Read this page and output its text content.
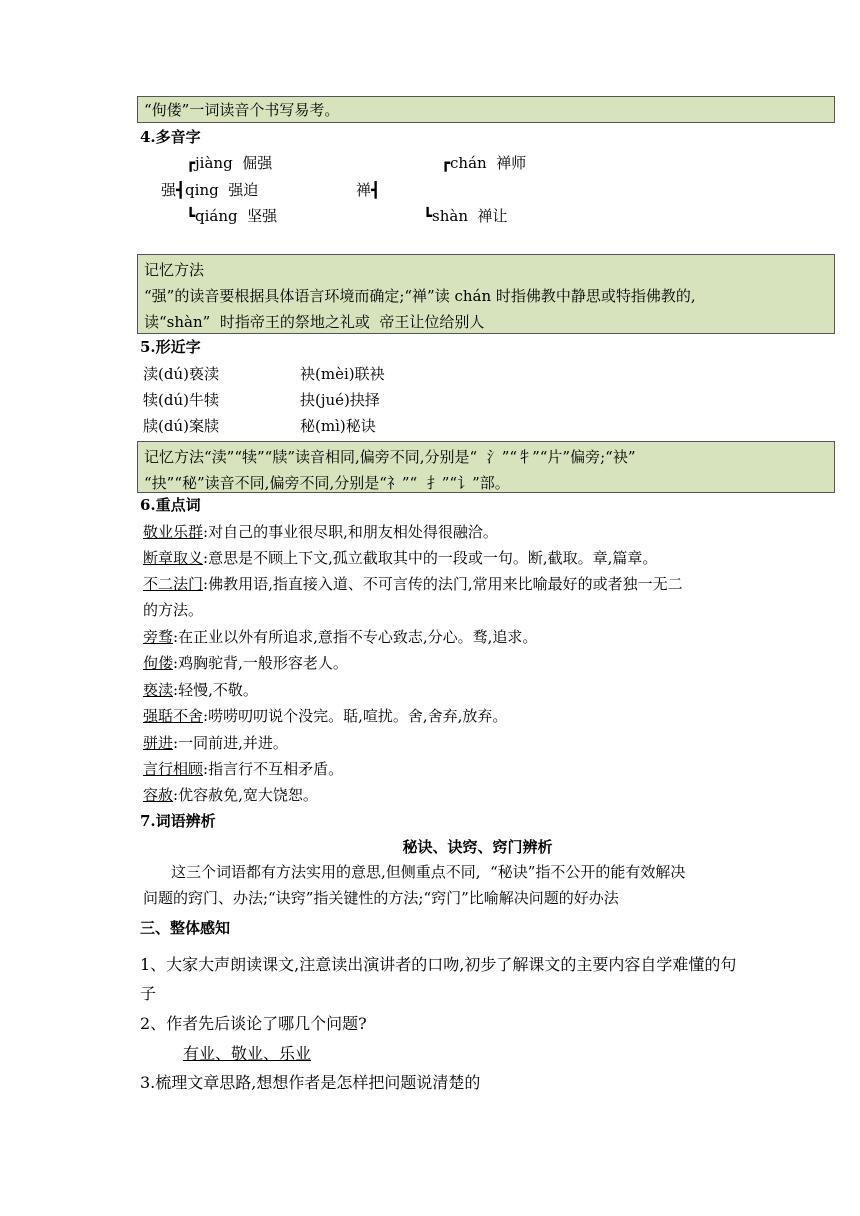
“佝偻”一词读音个书写易考。
4.多音字
┏jiàng  倔强
强┫qing  强迫
┗qiáng  坚强
┏chán  禅师
禅┫
┗shàn  禅让
记忆方法
“强”的读音要根据具体语言环境而确定;“禅”读 chán 时指佛教中静思或特指佛教的,
读“shàn”  时指帝王的祭地之礼或  帝王让位给别人
5.形近字
渎(dú)亵渎	袂(mèi)联袂
犊(dú)牛犊	抉(jué)抉择
牍(dú)案牍	秘(mì)秘诀
记忆方法“渎”“犊”“牍”读音相同,偏旁不同,分别是“  氵”“牜”“片”偏旁;“袂”
“抉”“秘”读音不同,偏旁不同,分别是“礻”“  扌”“讠”部。
6.重点词
敬业乐群:对自己的事业很尽职,和朋友相处得很融洽。
断章取义:意思是不顾上下文,孤立截取其中的一段或一句。断,截取。章,篇章。
不二法门:佛教用语,指直接入道、不可言传的法门,常用来比喻最好的或者独一无二
的方法。
旁骛:在正业以外有所追求,意指不专心致志,分心。骛,追求。
佝偻:鸡胸驼背,一般形容老人。
亵渎:轻慢,不敬。
强聒不舍:唠唠叨叨说个没完。聒,喧扰。舍,舍弃,放弃。
骈进:一同前进,并进。
言行相顾:指言行不互相矛盾。
容赦:优容赦免,宽大饶恕。
7.词语辨析
秘诀、诀窍、窍门辨析
这三个词语都有方法实用的意思,但侧重点不同,  “秘诀”指不公开的能有效解决
问题的窍门、办法;“诀窍”指关键性的方法;“窍门”比喻解决问题的好办法
三、整体感知
1、大家大声朗读课文,注意读出演讲者的口吻,初步了解课文的主要内容自学难懂的句
子
2、作者先后谈论了哪几个问题?
有业、敬业、乐业
3.梳理文章思路,想想作者是怎样把问题说清楚的
